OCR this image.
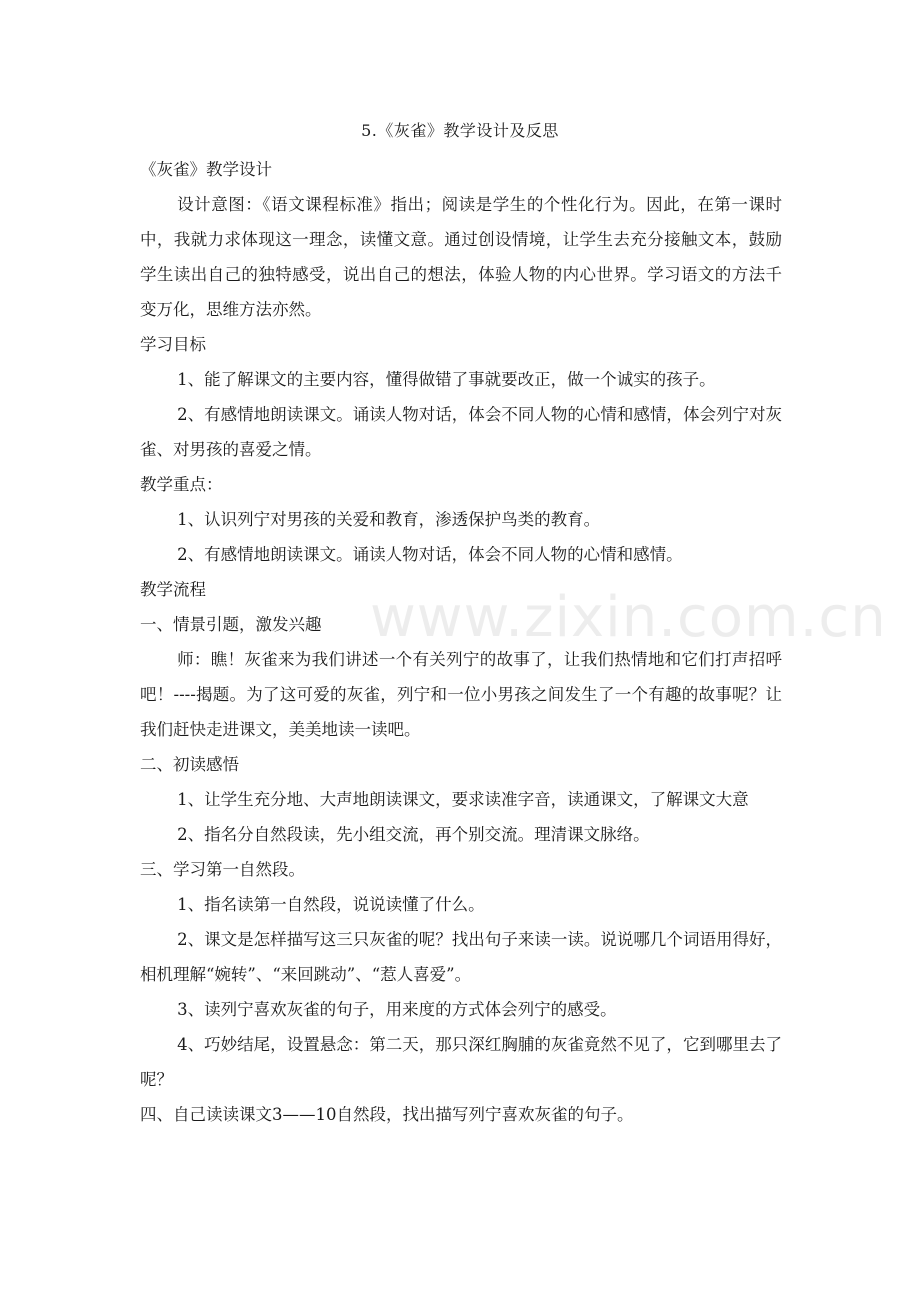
www.zixin.com.cn
5.《灰雀》教学设计及反思

《灰雀》教学设计

设计意图：《语文课程标准》指出；阅读是学生的个性化行为。因此，在第一课时中，我就力求体现这一理念，读懂文意。通过创设情境，让学生去充分接触文本，鼓励学生读出自己的独特感受，说出自己的想法，体验人物的内心世界。学习语文的方法千变万化，思维方法亦然。

学习目标

1、能了解课文的主要内容，懂得做错了事就要改正，做一个诚实的孩子。

2、有感情地朗读课文。诵读人物对话，体会不同人物的心情和感情，体会列宁对灰雀、对男孩的喜爱之情。

教学重点：

1、认识列宁对男孩的关爱和教育，渗透保护鸟类的教育。

2、有感情地朗读课文。诵读人物对话，体会不同人物的心情和感情。

教学流程

一、情景引题，激发兴趣

师：瞧！灰雀来为我们讲述一个有关列宁的故事了，让我们热情地和它们打声招呼吧！----揭题。为了这可爱的灰雀，列宁和一位小男孩之间发生了一个有趣的故事呢？让我们赶快走进课文，美美地读一读吧。

二、初读感悟

1、让学生充分地、大声地朗读课文，要求读准字音，读通课文，了解课文大意

2、指名分自然段读，先小组交流，再个别交流。理清课文脉络。

三、学习第一自然段。

1、指名读第一自然段，说说读懂了什么。

2、课文是怎样描写这三只灰雀的呢？找出句子来读一读。说说哪几个词语用得好，相机理解“婉转”、“来回跳动”、“惹人喜爱”。

3、读列宁喜欢灰雀的句子，用来度的方式体会列宁的感受。

4、巧妙结尾，设置悬念：第二天，那只深红胸脯的灰雀竟然不见了，它到哪里去了呢？

四、自己读读课文3——10自然段，找出描写列宁喜欢灰雀的句子。
